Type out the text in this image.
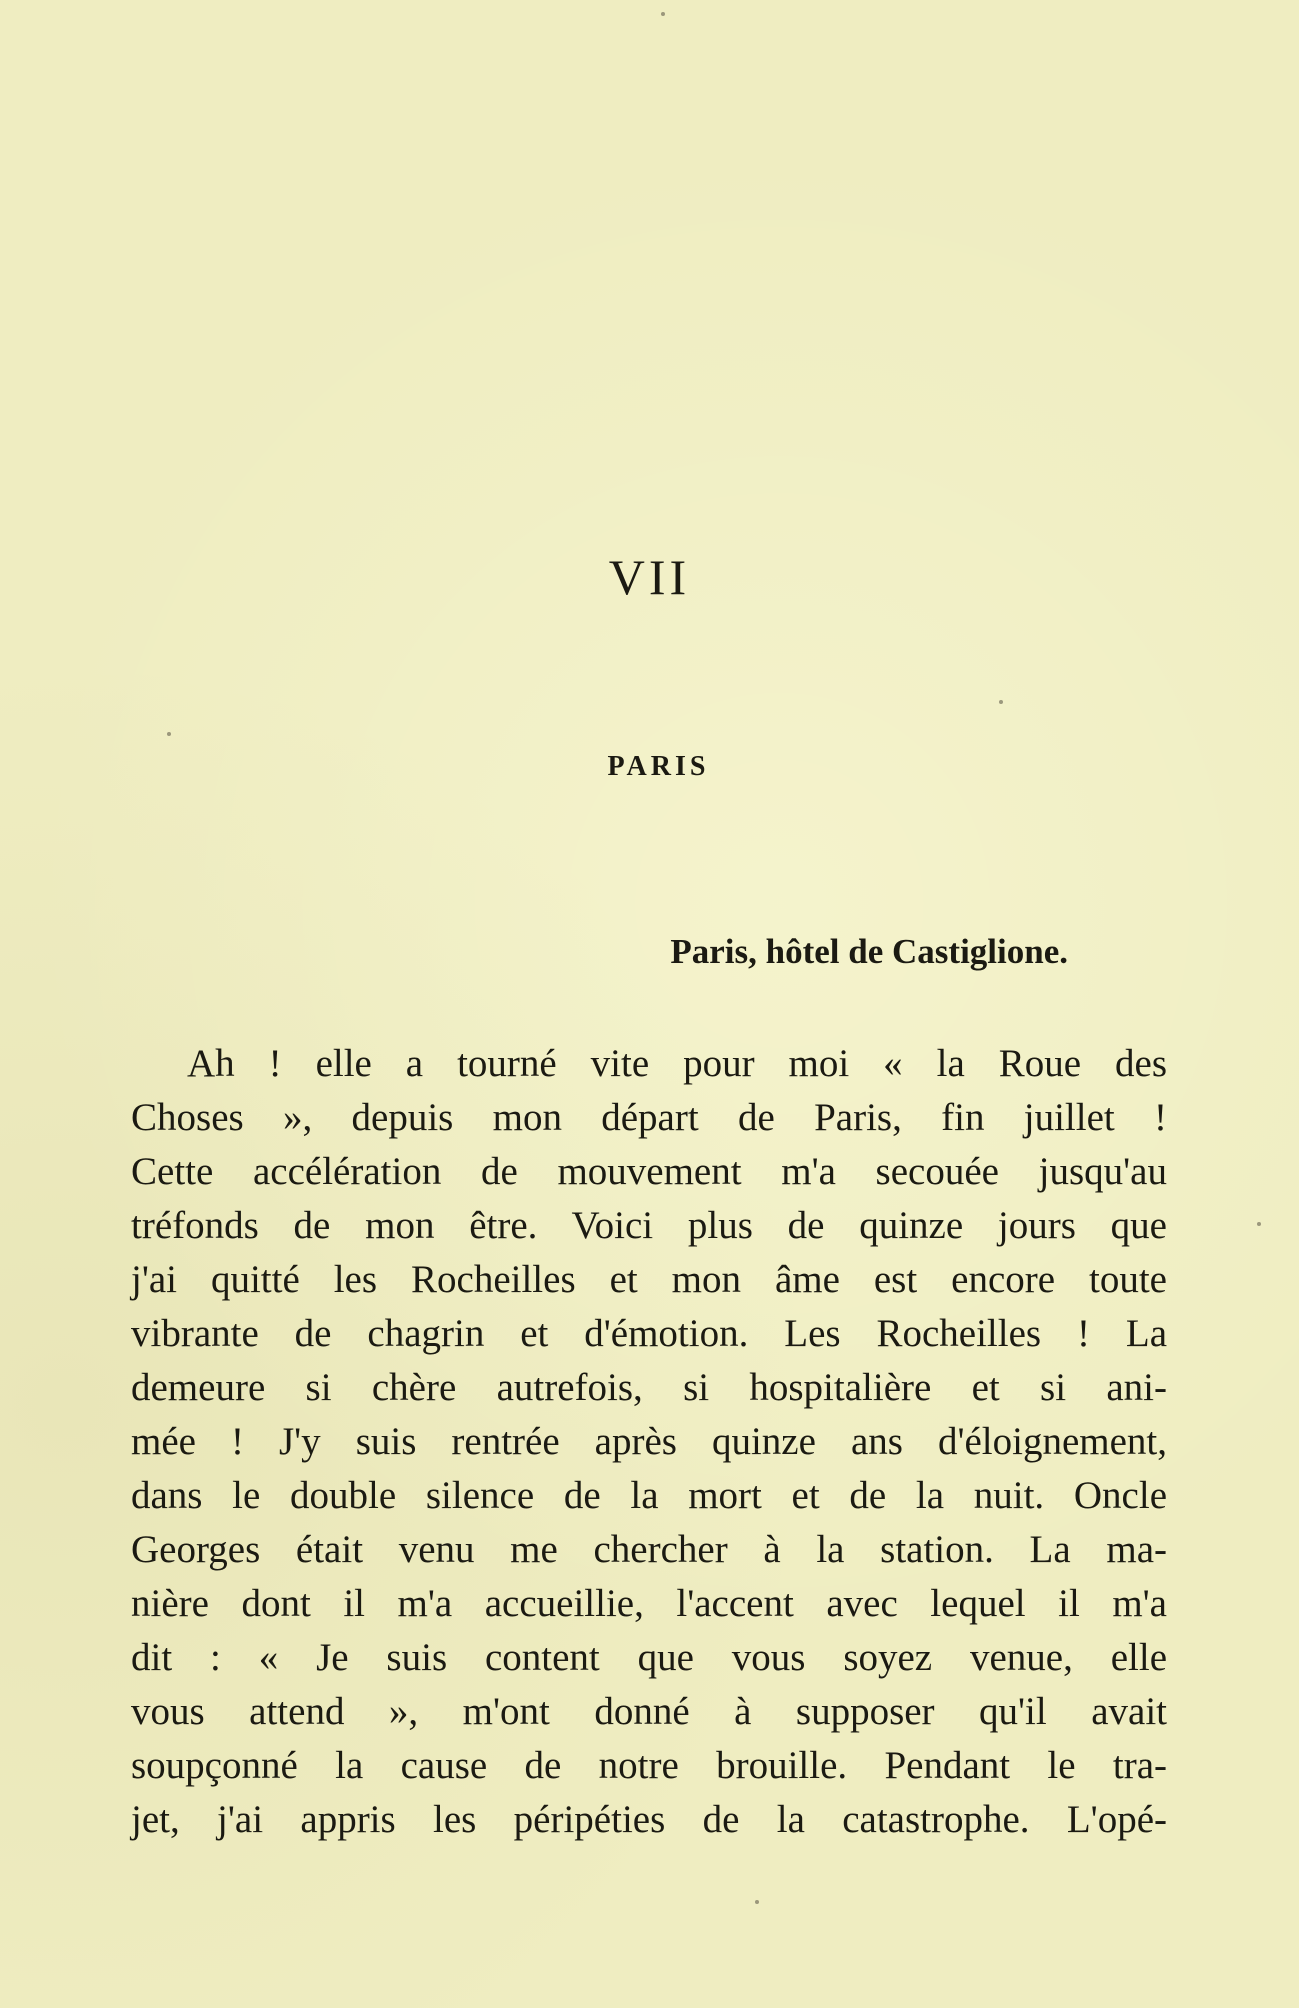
VII
PARIS
Paris, hôtel de Castiglione.
Ah ! elle a tourné vite pour moi « la Roue des
Choses », depuis mon départ de Paris, fin juillet !
Cette accélération de mouvement m'a secouée jusqu'au
tréfonds de mon être. Voici plus de quinze jours que
j'ai quitté les Rocheilles et mon âme est encore toute
vibrante de chagrin et d'émotion. Les Rocheilles ! La
demeure si chère autrefois, si hospitalière et si ani-
mée ! J'y suis rentrée après quinze ans d'éloignement,
dans le double silence de la mort et de la nuit. Oncle
Georges était venu me chercher à la station. La ma-
nière dont il m'a accueillie, l'accent avec lequel il m'a
dit : « Je suis content que vous soyez venue, elle
vous attend », m'ont donné à supposer qu'il avait
soupçonné la cause de notre brouille. Pendant le tra-
jet, j'ai appris les péripéties de la catastrophe. L'opé-
